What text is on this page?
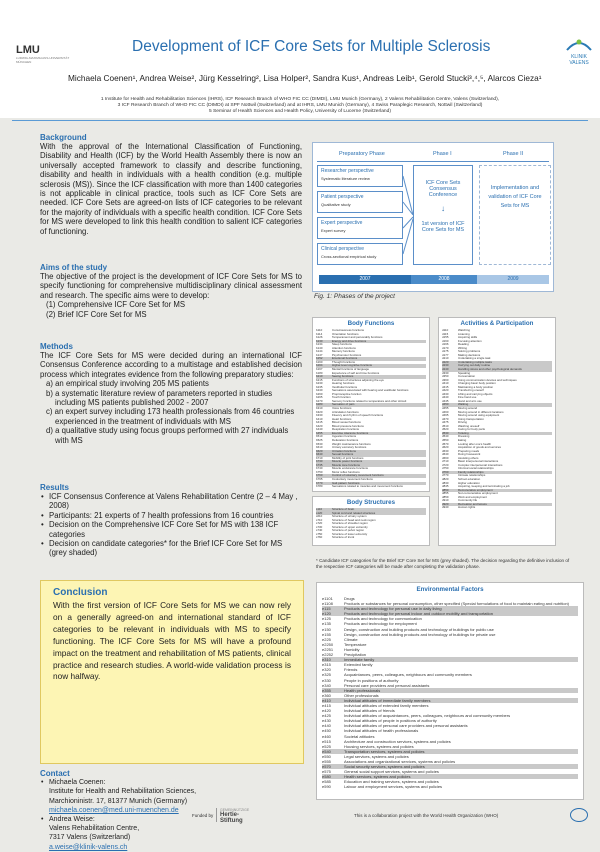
LMU
LUDWIG-MAXIMILIANS-UNIVERSITÄT MÜNCHEN
KLINIK VALENS
Development of ICF Core Sets for Multiple Sclerosis
Michaela Coenen¹, Andrea Weise², Jürg Kesselring², Lisa Holper², Sandra Kus¹, Andreas Leib¹, Gerold Stucki³,⁴,⁵, Alarcos Cieza¹
1 Institute for Health and Rehabilitation Sciences (IHRS), ICF Research Branch of WHO FIC CC (DIMDI), LMU Munich (Germany), 2 Valens Rehabilitation Centre, Valens (Switzerland),
3 ICF Research Branch of WHO FIC CC (DIMDI) at SPF Nottwil (Switzerland) and at IHRS, LMU Munich (Germany), 4 Swiss Paraplegic Research, Nottwil (Switzerland)
5 Seminar of Health Sciences and Health Policy, University of Lucerne (Switzerland)
Background
With the approval of the International Classification of Functioning, Disability and Health (ICF) by the World Health Assembly there is now an universally accepted framework to classify and describe functioning, disability and health in individuals with a health condition (e.g. multiple sclerosis (MS)). Since the ICF classification with more than 1400 categories is not applicable in clinical practice, tools such as ICF Core Sets are needed. ICF Core Sets are agreed-on lists of ICF categories to be relevant for the majority of individuals with a specific health condition. ICF Core Sets for MS were developed to link this health condition to salient ICF categories of functioning.
Aims of the study
The objective of the project is the development of ICF Core Sets for MS to specify functioning for comprehensive multidisciplinary clinical assessment and research. The specific aims were to develop:
(1) Comprehensive ICF Core Set for MS
(2) Brief ICF Core Set for MS
Methods
The ICF Core Sets for MS were decided during an international ICF Consensus Conference according to a multistage and established decision process which integrates evidence from the following preparatory studies:
a) an empirical study involving 205 MS patients
b) a systematic literature review of parameters reported in studies including MS patients published 2002 - 2007
c) an expert survey including 173 health professionals from 46 countries experienced in the treatment of individuals with MS
d) a qualitative study using focus groups performed with 27 individuals with MS
Results
• ICF Consensus Conference at Valens Rehabilitation Centre (2 – 4 May , 2008)
• Participants: 21 experts of 7 health professions from 16 countries
• Decision on the Comprehensive ICF Core Set for MS with 138 ICF categories
• Decision on candidate categories* for the Brief ICF Core Set for MS (grey shaded)
Preparatory Phase	Phase I	Phase II
Researcher perspective
Systematic literature review
Patient perspective
Qualitative study
Expert perspective
Expert survey
Clinical perspective
Cross-sectional empirical study
ICF Core Sets Consensus Conference
↓
1st version of ICF Core Sets for MS
Implementation and validation of ICF Core Sets for MS
2007	2008	2009
Fig. 1: Phases of the project
Body Functions
b110	Consciousness functions
b114	Orientation functions
b126	Temperament and personality functions
b130	Energy and drive functions
b134	Sleep functions
b140	Attention functions
b144	Memory functions
b147	Psychomotor functions
b152	Emotional functions
b160	Thought functions
b164	Higher-level cognitive functions
b167	Mental functions of language
b180	Experience of self and time functions
b210	Seeing functions
b215	Functions of structures adjoining the eye
b230	Hearing functions
b235	Vestibular functions
b240	Sensations associated with hearing and vestibular functions
b260	Proprioceptive function
b265	Touch function
b270	Sensory functions related to temperature and other stimuli
b280	Sensation of pain
b310	Voice functions
b320	Articulation functions
b330	Fluency and rhythm of speech functions
b410	Heart functions
b415	Blood vessel functions
b420	Blood pressure functions
b440	Respiration functions
b455	Exercise tolerance functions
b510	Ingestion functions
b525	Defecation functions
b530	Weight maintenance functions
b610	Urinary excretory functions
b620	Urination functions
b640	Sexual functions
b710	Mobility of joint functions
b730	Muscle power functions
b735	Muscle tone functions
b740	Muscle endurance functions
b750	Motor reflex functions
b760	Control of voluntary movement functions
b765	Involuntary movement functions
b770	Gait pattern functions
b780	Sensations related to muscles and movement functions
Body Structures
s110	Structure of brain
s120	Spinal cord and related structures
s610	Structure of urinary system
s710	Structure of head and neck region
s720	Structure of shoulder region
s730	Structure of upper extremity
s740	Structure of pelvic region
s750	Structure of lower extremity
s760	Structure of trunk
Activities & Participation
d110	Watching
d115	Listening
d155	Acquiring skills
d160	Focusing attention
d166	Reading
d170	Writing
d175	Solving problems
d177	Making decisions
d210	Undertaking a single task
d220	Undertaking multiple tasks
d230	Carrying out daily routine
d240	Handling stress and other psychological demands
d330	Speaking
d350	Conversation
d360	Using communication devices and techniques
d410	Changing basic body position
d415	Maintaining a body position
d420	Transferring oneself
d430	Lifting and carrying objects
d440	Fine hand use
d445	Hand and arm use
d450	Walking
d455	Moving around
d460	Moving around in different locations
d465	Moving around using equipment
d470	Using transportation
d475	Driving
d510	Washing oneself
d520	Caring for body parts
d530	Toileting
d540	Dressing
d550	Eating
d570	Looking after one's health
d620	Acquisition of goods and services
d630	Preparing meals
d640	Doing housework
d660	Assisting others
d710	Basic interpersonal interactions
d720	Complex interpersonal interactions
d750	Informal social relationships
d760	Family relationships
d770	Intimate relationships
d820	School education
d830	Higher education
d845	Acquiring, keeping and terminating a job
d850	Remunerative employment
d855	Non-remunerative employment
d859	Work and employment
d910	Community life
d920	Recreation and leisure
d940	Human rights
* Candidate ICF categories for the Brief ICF Core Set for MS (grey shaded). The decision regarding the definitive inclusion of the respective ICF categories will be made after completing the validation phase.
Environmental Factors
e1101	Drugs
e1108	Products or substances for personal consumption, other specified (Special formulations of food to maintain eating and nutrition)
e115	Products and technology for personal use in daily living
e120	Products and technology for personal indoor and outdoor mobility and transportation
e125	Products and technology for communication
e135	Products and technology for employment
e150	Design, construction and building products and technology of buildings for public use
e155	Design, construction and building products and technology of buildings for private use
e225	Climate
e2250	Temperature
e2251	Humidity
e2252	Precipitation
e310	Immediate family
e315	Extended family
e320	Friends
e325	Acquaintances, peers, colleagues, neighbours and community members
e330	People in positions of authority
e340	Personal care providers and personal assistants
e355	Health professionals
e360	Other professionals
e410	Individual attitudes of immediate family members
e415	Individual attitudes of extended family members
e420	Individual attitudes of friends
e425	Individual attitudes of acquaintances, peers, colleagues, neighbours and community members
e430	Individual attitudes of people in positions of authority
e440	Individual attitudes of personal care providers and personal assistants
e450	Individual attitudes of health professionals
e460	Societal attitudes
e515	Architecture and construction services, systems and policies
e525	Housing services, systems and policies
e540	Transportation services, systems and policies
e550	Legal services, systems and policies
e555	Associations and organizational services, systems and policies
e570	Social security services, systems and policies
e575	General social support services, systems and policies
e580	Health services, systems and policies
e585	Education and training services, systems and policies
e590	Labour and employment services, systems and policies
Conclusion
With the first version of ICF Core Sets for MS we can now rely on a generally agreed-on and international standard of ICF categories to be relevant in individuals with MS to specify functioning. The ICF Core Sets for MS will have a profound impact on the treatment and rehabilitation of MS patients, clinical practice and research studies. A world-wide validation process is now halfway.
Contact
• Michaela Coenen:
Institute for Health and Rehabilitation Sciences,
Marchioninistr. 17, 81377 Munich (Germany)
michaela.coenen@med.uni-muenchen.de
• Andrea Weise:
Valens Rehabilitation Centre,
7317 Valens (Switzerland)
a.weise@klinik-valens.ch
Funded by
GEMEINNÜTZIGE
Hertie-Stiftung
This is a collaboration project with the World Health Organization (WHO)
